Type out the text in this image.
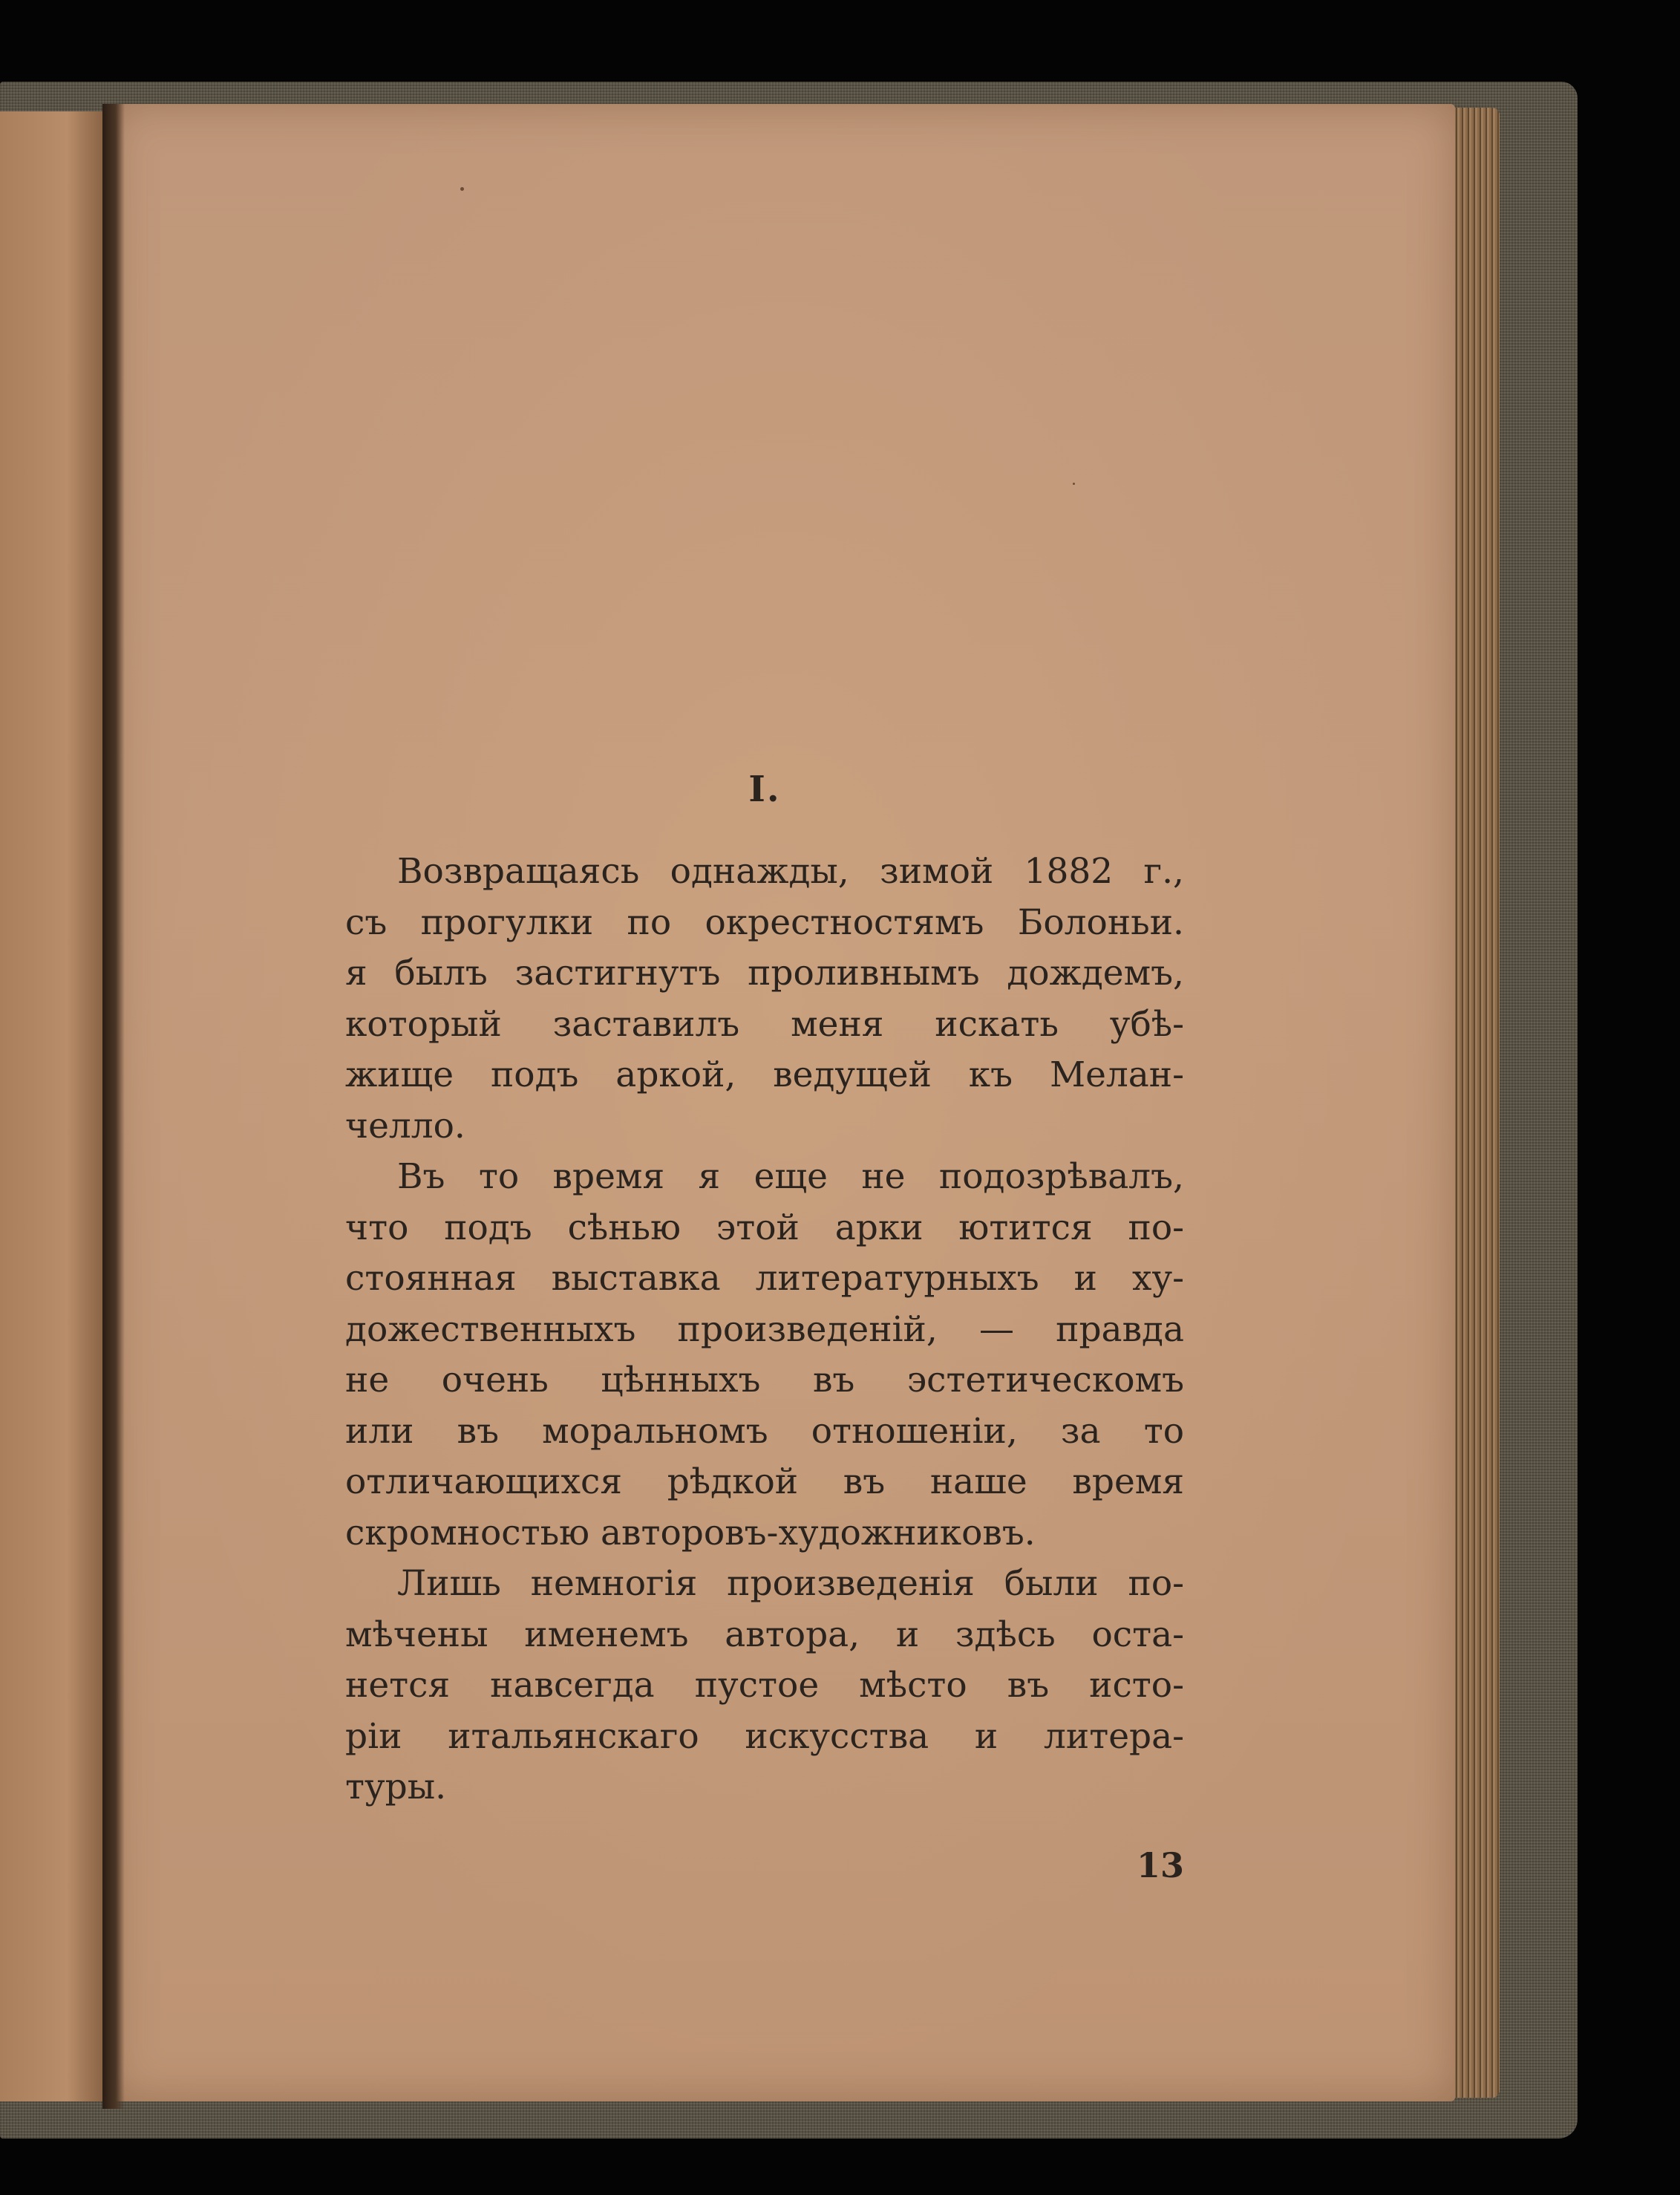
I.
Возвращаясь однажды, зимой 1882 г.,
съ прогулки по окрестностямъ Болоньи.
я былъ застигнутъ проливнымъ дождемъ,
который заставилъ меня искать убѣ-
жище подъ аркой, ведущей къ Мелан-
челло.
Въ то время я еще не подозрѣвалъ,
что подъ сѣнью этой арки ютится по-
стоянная выставка литературныхъ и ху-
дожественныхъ произведеній, — правда
не очень цѣнныхъ въ эстетическомъ
или въ моральномъ отношеніи, за то
отличающихся рѣдкой въ наше время
скромностью авторовъ-художниковъ.
Лишь немногія произведенія были по-
мѣчены именемъ автора, и здѣсь оста-
нется навсегда пустое мѣсто въ исто-
ріи итальянскаго искусства и литера-
туры.
13
